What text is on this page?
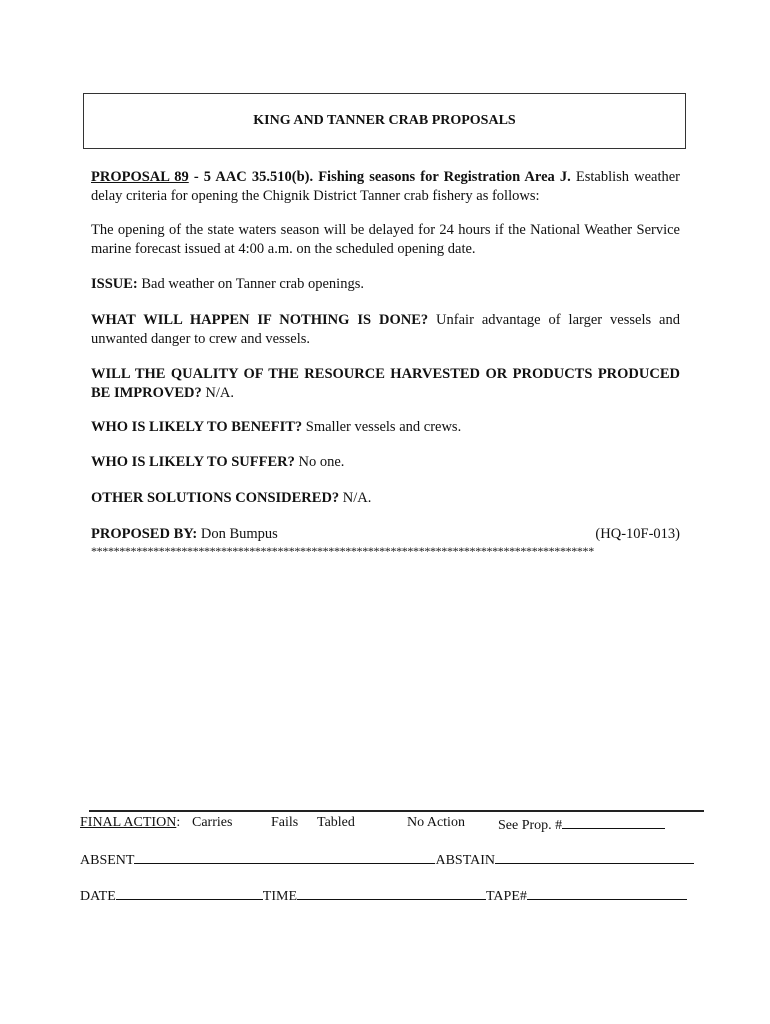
KING AND TANNER CRAB PROPOSALS
PROPOSAL 89 - 5 AAC 35.510(b). Fishing seasons for Registration Area J. Establish weather delay criteria for opening the Chignik District Tanner crab fishery as follows:
The opening of the state waters season will be delayed for 24 hours if the National Weather Service marine forecast issued at 4:00 a.m. on the scheduled opening date.
ISSUE: Bad weather on Tanner crab openings.
WHAT WILL HAPPEN IF NOTHING IS DONE? Unfair advantage of larger vessels and unwanted danger to crew and vessels.
WILL THE QUALITY OF THE RESOURCE HARVESTED OR PRODUCTS PRODUCED BE IMPROVED? N/A.
WHO IS LIKELY TO BENEFIT? Smaller vessels and crews.
WHO IS LIKELY TO SUFFER? No one.
OTHER SOLUTIONS CONSIDERED? N/A.
PROPOSED BY: Don Bumpus	(HQ-10F-013)
*****************************************************************************************
FINAL ACTION: Carries	Fails Tabled	No Action See Prop. #
ABSENT	ABSTAIN
DATE	TIME	TAPE#
